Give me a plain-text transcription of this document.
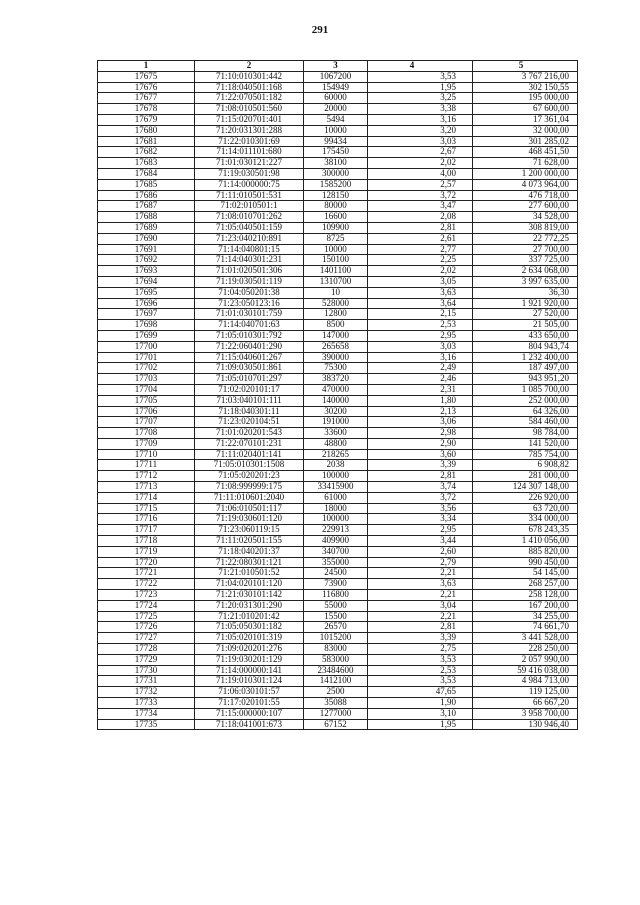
291
1	2	3	4	5
17675	71:10:010301:442	1067200	3,53	3 767 216,00
17676	71:18:040501:168	154949	1,95	302 150,55
17677	71:22:070501:182	60000	3,25	195 000,00
17678	71:08:010501:560	20000	3,38	67 600,00
17679	71:15:020701:401	5494	3,16	17 361,04
17680	71:20:031301:288	10000	3,20	32 000,00
17681	71:22:010301:69	99434	3,03	301 285,02
17682	71:14:011101:680	175450	2,67	468 451,50
17683	71:01:030121:227	38100	2,02	71 628,00
17684	71:19:030501:98	300000	4,00	1 200 000,00
17685	71:14:000000:75	1585200	2,57	4 073 964,00
17686	71:11:010501:531	128150	3,72	476 718,00
17687	71:02:010501:1	80000	3,47	277 600,00
17688	71:08:010701:262	16600	2,08	34 528,00
17689	71:05:040501:159	109900	2,81	308 819,00
17690	71:23:040210:891	8725	2,61	22 772,25
17691	71:14:040801:15	10000	2,77	27 700,00
17692	71:14:040301:231	150100	2,25	337 725,00
17693	71:01:020501:306	1401100	2,02	2 634 068,00
17694	71:19:030501:119	1310700	3,05	3 997 635,00
17695	71:04:050201:38	10	3,63	36,30
17696	71:23:050123:16	528000	3,64	1 921 920,00
17697	71:01:030101:759	12800	2,15	27 520,00
17698	71:14:040701:63	8500	2,53	21 505,00
17699	71:05:010301:792	147000	2,95	433 650,00
17700	71:22:060401:290	265658	3,03	804 943,74
17701	71:15:040601:267	390000	3,16	1 232 400,00
17702	71:09:030501:861	75300	2,49	187 497,00
17703	71:05:010701:297	383720	2,46	943 951,20
17704	71:02:020101:17	470000	2,31	1 085 700,00
17705	71:03:040101:111	140000	1,80	252 000,00
17706	71:18:040301:11	30200	2,13	64 326,00
17707	71:23:020104:51	191000	3,06	584 460,00
17708	71:01:020201:543	33600	2,98	98 784,00
17709	71:22:070101:231	48800	2,90	141 520,00
17710	71:11:020401:141	218265	3,60	785 754,00
17711	71:05:010301:1508	2038	3,39	6 908,82
17712	71:05:020201:23	100000	2,81	281 000,00
17713	71:08:999999:175	33415900	3,74	124 307 148,00
17714	71:11:010601:2040	61000	3,72	226 920,00
17715	71:06:010501:117	18000	3,56	63 720,00
17716	71:19:030601:120	100000	3,34	334 000,00
17717	71:23:060119:15	229913	2,95	678 243,35
17718	71:11:020501:155	409900	3,44	1 410 056,00
17719	71:18:040201:37	340700	2,60	885 820,00
17720	71:22:080301:121	355000	2,79	990 450,00
17721	71:21:010501:52	24500	2,21	54 145,00
17722	71:04:020101:120	73900	3,63	268 257,00
17723	71:21:030101:142	116800	2,21	258 128,00
17724	71:20:031301:290	55000	3,04	167 200,00
17725	71:21:010201:42	15500	2,21	34 255,00
17726	71:05:050301:182	26570	2,81	74 661,70
17727	71:05:020101:319	1015200	3,39	3 441 528,00
17728	71:09:020201:276	83000	2,75	228 250,00
17729	71:19:030201:129	583000	3,53	2 057 990,00
17730	71:14:000000:141	23484600	2,53	59 416 038,00
17731	71:19:010301:124	1412100	3,53	4 984 713,00
17732	71:06:030101:57	2500	47,65	119 125,00
17733	71:17:020101:55	35088	1,90	66 667,20
17734	71:15:000000:107	1277000	3,10	3 958 700,00
17735	71:18:041001:673	67152	1,95	130 946,40
